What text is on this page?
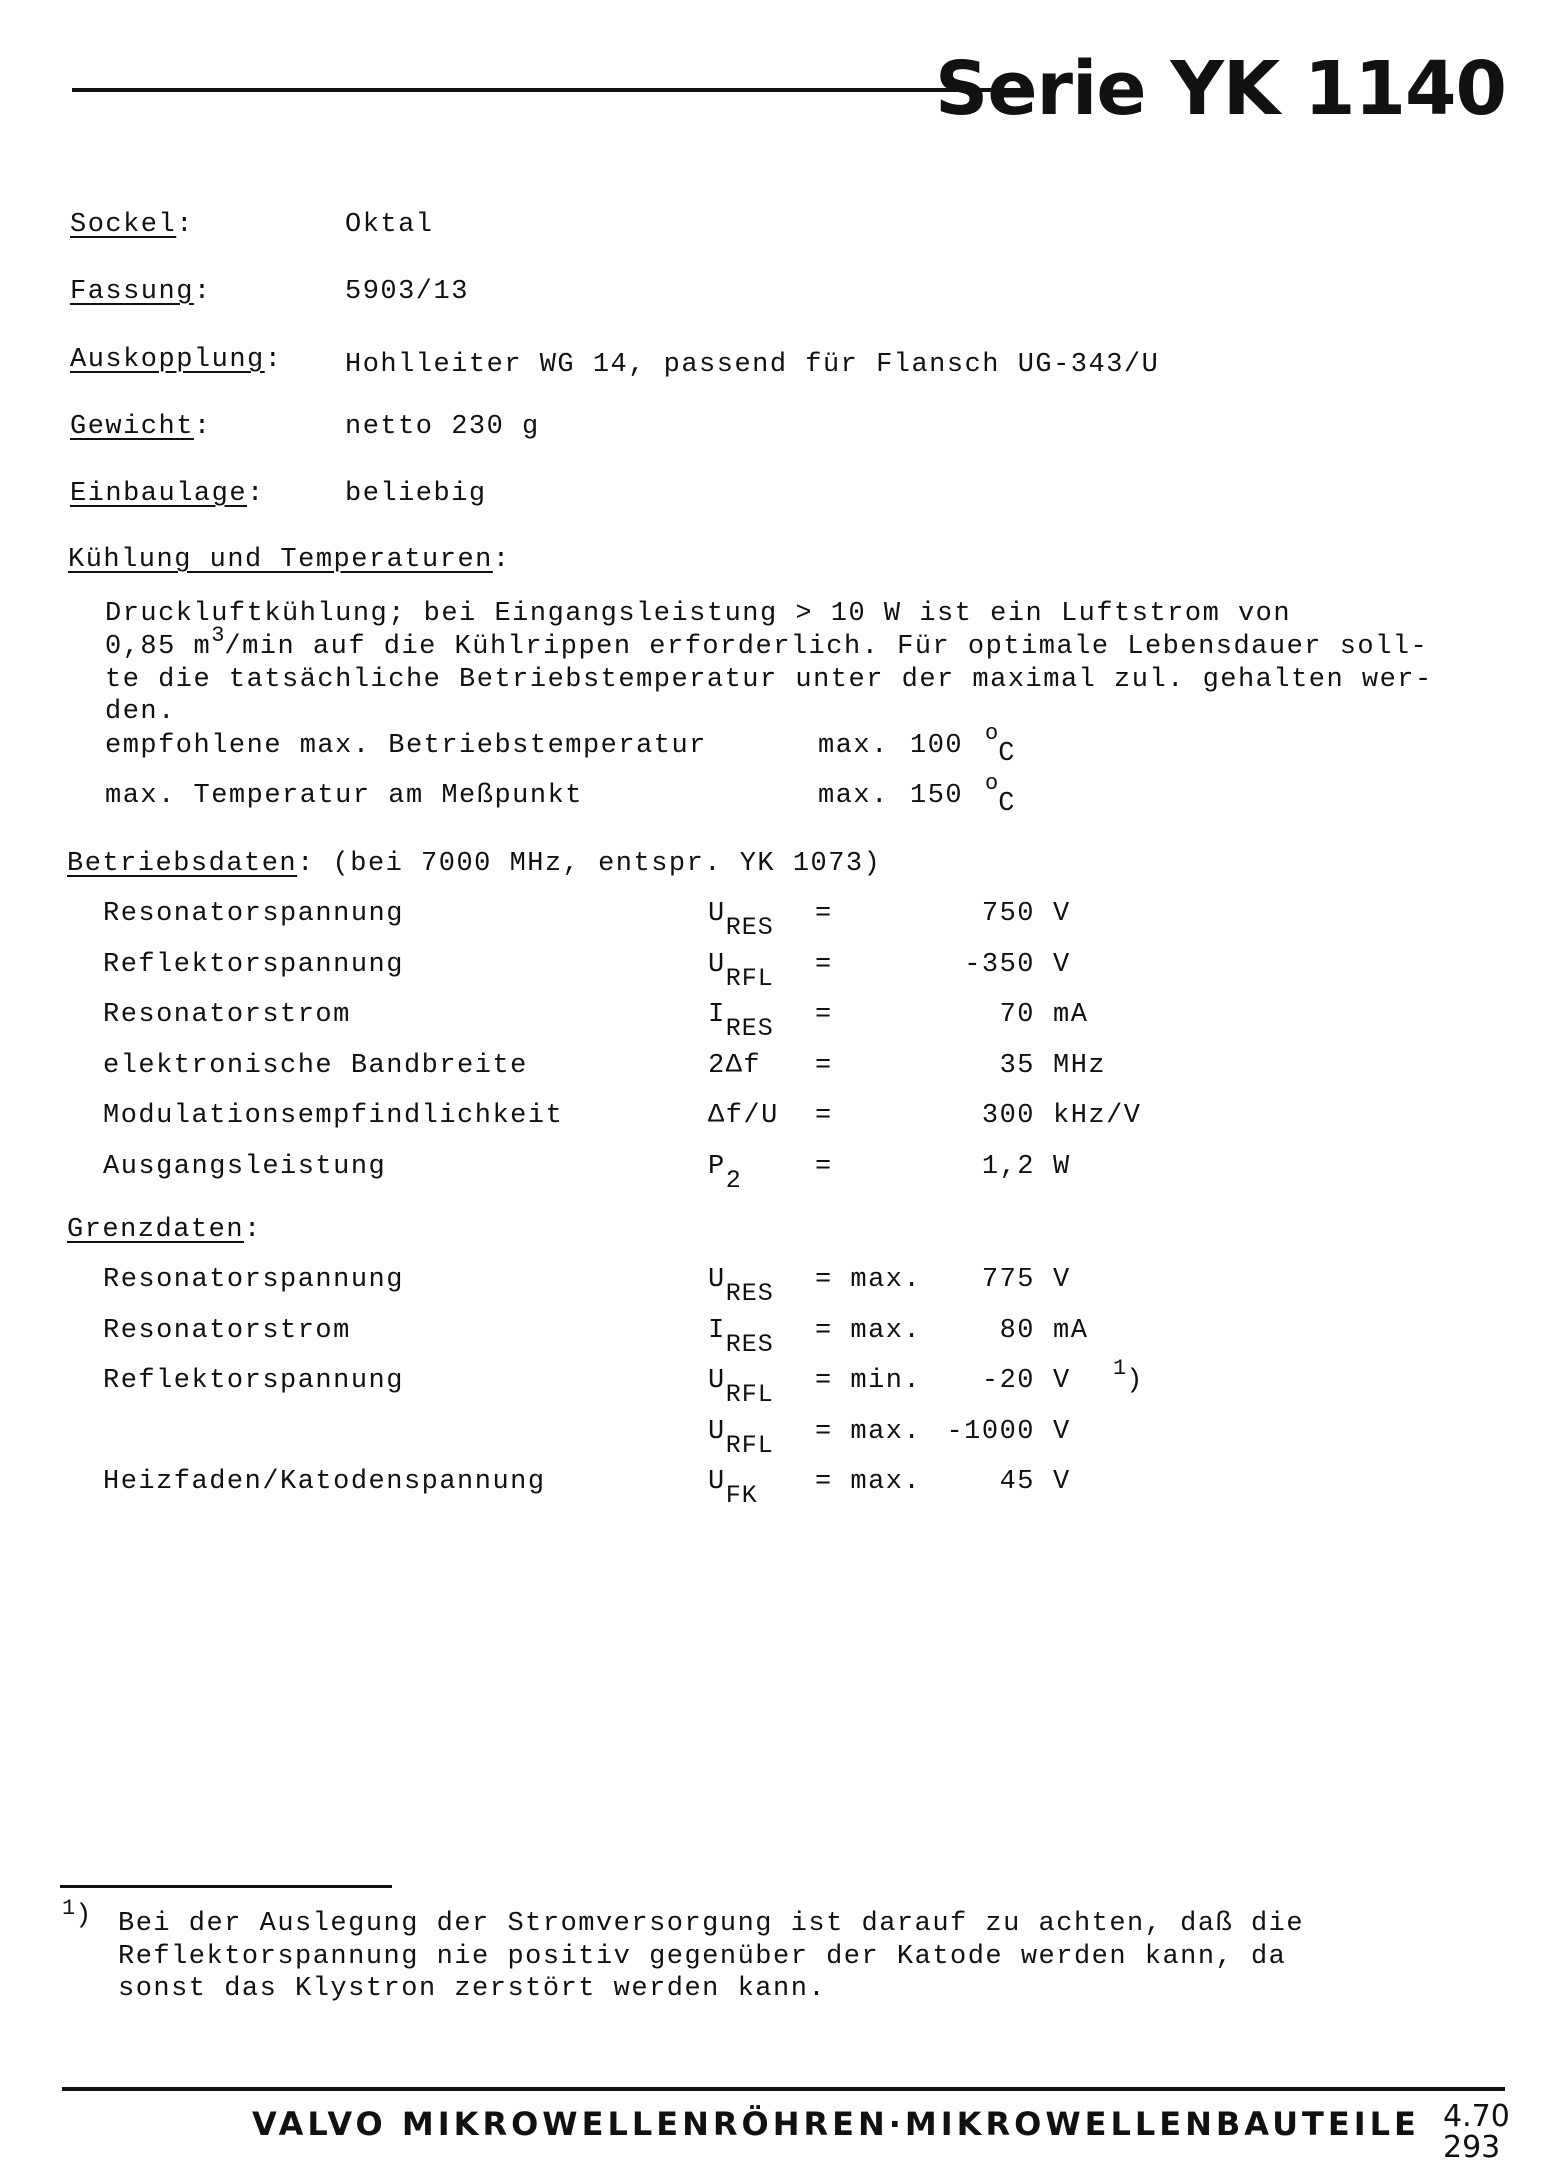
Serie YK 1140
Sockel:	Oktal
Fassung:	5903/13
Auskopplung: Hohlleiter WG 14, passend für Flansch UG-343/U
Gewicht:	netto 230 g
Einbaulage:	beliebig
Kühlung und Temperaturen:
Druckluftkühlung; bei Eingangsleistung > 10 W ist ein Luftstrom von
0,85 $m^3/\min$ auf die Kühlrippen erforderlich. Für optimale Lebensdauer soll-
te die tatsächliche Betriebstemperatur unter der maximal zul. gehalten wer-
den.
empfohlene max. Betriebstemperatur	max. 100 $^o$C
max. Temperatur am Meßpunkt	max. 150 $^o$C
Betriebsdaten: (bei 7000 MHz, entspr. YK 1073)
Resonatorspannung	URES =	750 V
Reflektorspannung	URFL =	-350 V
Resonatorstrom	IRES =	70 mA
elektronische Bandbreite	2Δf =	35 MHz
Modulationsempfindlichkeit	Δf/U =	300 kHz/V
Ausgangsleistung	P2	=	1,2 W
Grenzdaten:
Resonatorspannung	URES = max.	775 V
Resonatorstrom	IRES = max.	80 mA
Reflektorspannung	URFL = min.	-20 V $^1$)
URFL = max. -1000 V
Heizfaden/Katodenspannung	UFK = max.	45 V
$^1$) Bei der Auslegung der Stromversorgung ist darauf zu achten, daß die
Reflektorspannung nie positiv gegenüber der Katode werden kann, da
sonst das Klystron zerstört werden kann.
VALVO MIKROWELLENRÖHREN·MIKROWELLENBAUTEILE 4.70
293
